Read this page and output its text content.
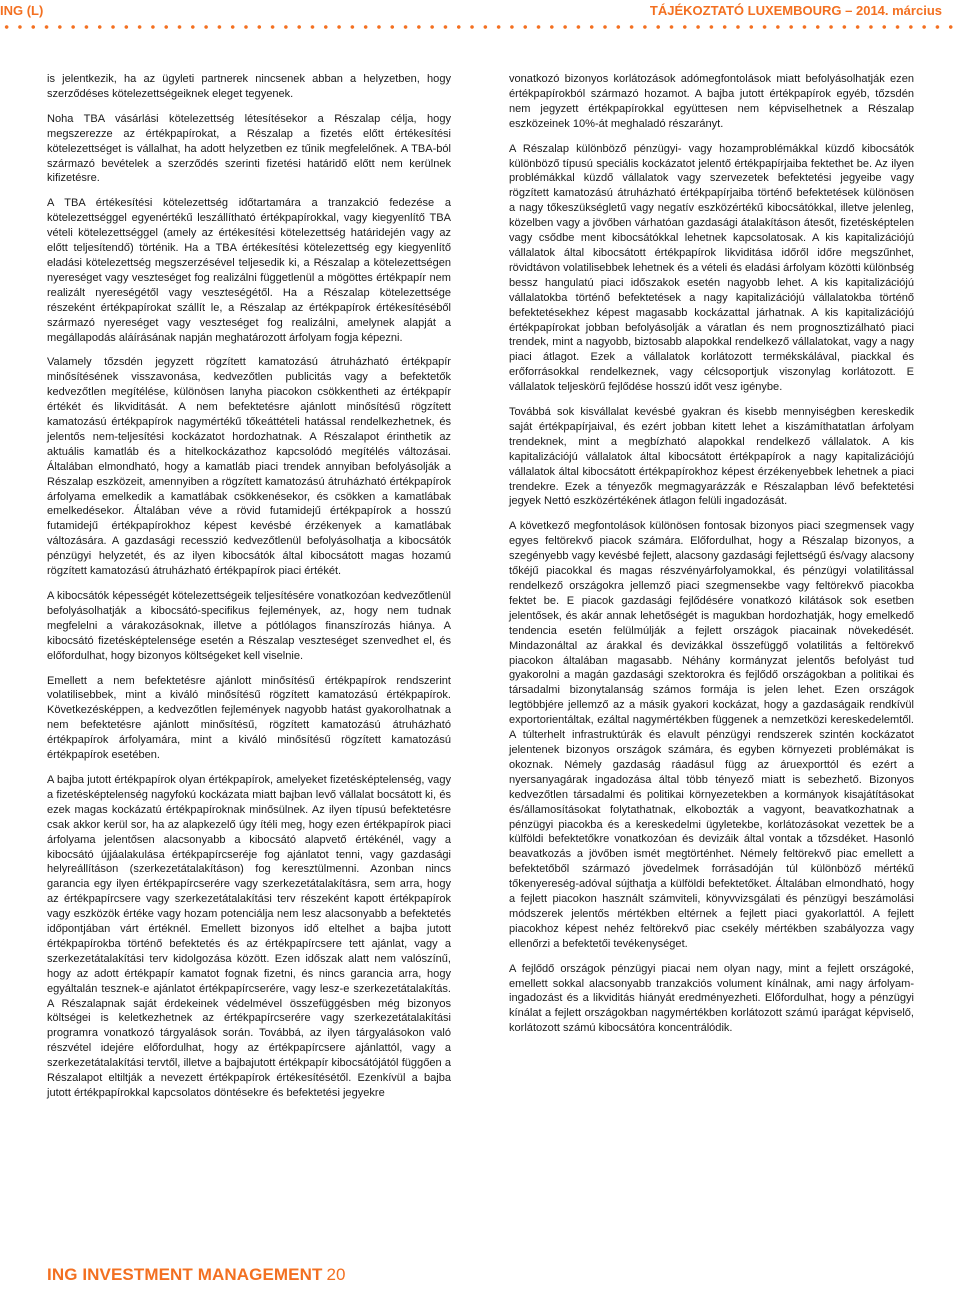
ING (L)	TÁJÉKOZTATÓ LUXEMBOURG – 2014. március

is jelentkezik, ha az ügyleti partnerek nincsenek abban a helyzetben, hogy szerződéses kötelezettségeiknek eleget tegyenek.

Noha TBA vásárlási kötelezettség létesítésekor a Részalap célja, hogy megszerezze az értékpapírokat, a Részalap a fizetés előtt értékesítési kötelezettséget is vállalhat, ha adott helyzetben ez tűnik megfelelőnek. A TBA-ból származó bevételek a szerződés szerinti fizetési határidő előtt nem kerülnek kifizetésre.

A TBA értékesítési kötelezettség időtartamára a tranzakció fedezése a kötelezettséggel egyenértékű leszállítható értékpapírokkal, vagy kiegyenlítő TBA vételi kötelezettséggel (amely az értékesítési kötelezettség határidején vagy az előtt teljesítendő) történik. Ha a TBA értékesítési kötelezettség egy kiegyenlítő eladási kötelezettség megszerzésével teljesedik ki, a Részalap a kötelezettségen nyereséget vagy veszteséget fog realizálni függetlenül a mögöttes értékpapír nem realizált nyereségétől vagy veszteségétől. Ha a Részalap kötelezettsége részeként értékpapírokat szállít le, a Részalap az értékpapírok értékesítéséből származó nyereséget vagy veszteséget fog realizálni, amelynek alapját a megállapodás aláírásának napján meghatározott árfolyam fogja képezni.

Valamely tőzsdén jegyzett rögzített kamatozású átruházható értékpapír minősítésének visszavonása, kedvezőtlen publicitás vagy a befektetők kedvezőtlen megítélése, különösen lanyha piacokon csökkentheti az értékpapír értékét és likviditását. A nem befektetésre ajánlott minősítésű rögzített kamatozású értékpapírok nagymértékű tőkeáttételi hatással rendelkezhetnek, és jelentős nem-teljesítési kockázatot hordozhatnak. A Részalapot érinthetik az aktuális kamatláb és a hitelkockázathoz kapcsolódó megítélés változásai. Általában elmondható, hogy a kamatláb piaci trendek annyiban befolyásolják a Részalap eszközeit, amennyiben a rögzített kamatozású átruházható értékpapírok árfolyama emelkedik a kamatlábak csökkenésekor, és csökken a kamatlábak emelkedésekor. Általában véve a rövid futamidejű értékpapírok a hosszú futamidejű értékpapírokhoz képest kevésbé érzékenyek a kamatlábak változására. A gazdasági recesszió kedvezőtlenül befolyásolhatja a kibocsátók pénzügyi helyzetét, és az ilyen kibocsátók által kibocsátott magas hozamú rögzített kamatozású átruházható értékpapírok piaci értékét.

A kibocsátók képességét kötelezettségeik teljesítésére vonatkozóan kedvezőtlenül befolyásolhatják a kibocsátó-specifikus fejlemények, az, hogy nem tudnak megfelelni a várakozásoknak, illetve a pótlólagos finanszírozás hiánya. A kibocsátó fizetésképtelensége esetén a Részalap veszteséget szenvedhet el, és előfordulhat, hogy bizonyos költségeket kell viselnie.

Emellett a nem befektetésre ajánlott minősítésű értékpapírok rendszerint volatilisebbek, mint a kiváló minősítésű rögzített kamatozású értékpapírok. Következésképpen, a kedvezőtlen fejlemények nagyobb hatást gyakorolhatnak a nem befektetésre ajánlott minősítésű, rögzített kamatozású átruházható értékpapírok árfolyamára, mint a kiváló minősítésű rögzített kamatozású értékpapírok esetében.

A bajba jutott értékpapírok olyan értékpapírok, amelyeket fizetésképtelenség, vagy a fizetésképtelenség nagyfokú kockázata miatt bajban levő vállalat bocsátott ki, és ezek magas kockázatú értékpapíroknak minősülnek. Az ilyen típusú befektetésre csak akkor kerül sor, ha az alapkezelő úgy ítéli meg, hogy ezen értékpapírok piaci árfolyama jelentősen alacsonyabb a kibocsátó alapvető értékénél, vagy a kibocsátó újjáalakulása értékpapírcseréje fog ajánlatot tenni, vagy gazdasági helyreállításon (szerkezetátalakításon) fog keresztülmenni. Azonban nincs garancia egy ilyen értékpapírcserére vagy szerkezetátalakításra, sem arra, hogy az értékpapírcsere vagy szerkezetátalakítási terv részeként kapott értékpapírok vagy eszközök értéke vagy hozam potenciálja nem lesz alacsonyabb a befektetés időpontjában várt értéknél. Emellett bizonyos idő eltelhet a bajba jutott értékpapírokba történő befektetés és az értékpapírcsere tett ajánlat, vagy a szerkezetátalakítási terv kidolgozása között. Ezen időszak alatt nem valószínű, hogy az adott értékpapír kamatot fognak fizetni, és nincs garancia arra, hogy egyáltalán tesznek-e ajánlatot értékpapírcserére, vagy lesz-e szerkezetátalakítás. A Részalapnak saját érdekeinek védelmével összefüggésben még bizonyos költségei is keletkezhetnek az értékpapírcserére vagy szerkezetátalakítási programra vonatkozó tárgyalások során. Továbbá, az ilyen tárgyalásokon való részvétel idejére előfordulhat, hogy az értékpapírcsere ajánlattól, vagy a szerkezetátalakítási tervtől, illetve a bajbajutott értékpapír kibocsátójától függően a Részalapot eltiltják a nevezett értékpapírok értékesítésétől. Ezenkívül a bajba jutott értékpapírokkal kapcsolatos döntésekre és befektetési jegyekre

vonatkozó bizonyos korlátozások adómegfontolások miatt befolyásolhatják ezen értékpapírokból származó hozamot. A bajba jutott értékpapírok egyéb, tőzsdén nem jegyzett értékpapírokkal együttesen nem képviselhetnek a Részalap eszközeinek 10%-át meghaladó részarányt.

A Részalap különböző pénzügyi- vagy hozamproblémákkal küzdő kibocsátók különböző típusú speciális kockázatot jelentő értékpapírjaiba fektethet be. Az ilyen problémákkal küzdő vállalatok vagy szervezetek befektetési jegyeibe vagy rögzített kamatozású átruházható értékpapírjaiba történő befektetések különösen a nagy tőkeszükségletű vagy negatív eszközértékű kibocsátókkal, illetve jelenleg, közelben vagy a jövőben várhatóan gazdasági átalakításon átesőt, fizetésképtelen vagy csődbe ment kibocsátókkal lehetnek kapcsolatosak. A kis kapitalizációjú vállalatok által kibocsátott értékpapírok likviditása időről időre megszűnhet, rövidtávon volatilisebbek lehetnek és a vételi és eladási árfolyam közötti különbség bessz hangulatú piaci időszakok esetén nagyobb lehet. A kis kapitalizációjú vállalatokba történő befektetések a nagy kapitalizációjú vállalatokba történő befektetésekhez képest magasabb kockázattal járhatnak. A kis kapitalizációjú értékpapírokat jobban befolyásolják a váratlan és nem prognosztizálható piaci trendek, mint a nagyobb, biztosabb alapokkal rendelkező vállalatokat, vagy a nagy piaci átlagot. Ezek a vállalatok korlátozott termékskálával, piackkal és erőforrásokkal rendelkeznek, vagy célcsoportjuk viszonylag korlátozott. E vállalatok teljeskörű fejlődése hosszú időt vesz igénybe.

Továbbá sok kisvállalat kevésbé gyakran és kisebb mennyiségben kereskedik saját értékpapírjaival, és ezért jobban kitett lehet a kiszámíthatatlan árfolyam trendeknek, mint a megbízható alapokkal rendelkező vállalatok. A kis kapitalizációjú vállalatok által kibocsátott értékpapírok a nagy kapitalizációjú vállalatok által kibocsátott értékpapírokhoz képest érzékenyebbek lehetnek a piaci trendekre. Ezek a tényezők megmagyarázzák e Részalapban lévő befektetési jegyek Nettó eszközértékének átlagon felüli ingadozását.

A következő megfontolások különösen fontosak bizonyos piaci szegmensek vagy egyes feltörekvő piacok számára. Előfordulhat, hogy a Részalap bizonyos, a szegényebb vagy kevésbé fejlett, alacsony gazdasági fejlettségű és/vagy alacsony tőkéjű piacokkal és magas részvényárfolyamokkal, és pénzügyi volatilitással rendelkező országokra jellemző piaci szegmensekbe vagy feltörekvő piacokba fektet be. E piacok gazdasági fejlődésére vonatkozó kilátások sok esetben jelentősek, és akár annak lehetőségét is magukban hordozhatják, hogy emelkedő tendencia esetén felülmúlják a fejlett országok piacainak növekedését. Mindazonáltal az árakkal és devizákkal összefüggő volatilitás a feltörekvő piacokon általában magasabb. Néhány kormányzat jelentős befolyást tud gyakorolni a magán gazdasági szektorokra és fejlődő országokban a politikai és társadalmi bizonytalanság számos formája is jelen lehet. Ezen országok legtöbbjére jellemző az a másik gyakori kockázat, hogy a gazdaságaik rendkívül exportorientáltak, ezáltal nagymértékben függenek a nemzetközi kereskedelemtől. A túlterhelt infrastruktúrák és elavult pénzügyi rendszerek szintén kockázatot jelentenek bizonyos országok számára, és egyben környezeti problémákat is okoznak. Némely gazdaság ráadásul függ az áruexporttól és ezért a nyersanyagárak ingadozása által több tényező miatt is sebezhető. Bizonyos kedvezőtlen társadalmi és politikai környezetekben a kormányok kisajátításokat és/államosításokat folytathatnak, elkobozták a vagyont, beavatkozhatnak a pénzügyi piacokba és a kereskedelmi ügyletekbe, korlátozásokat vezettek be a külföldi befektetőkre vonatkozóan és devizáik által vontak a tőzsdéket. Hasonló beavatkozás a jövőben ismét megtörténhet. Némely feltörekvő piac emellett a befektetőből származó jövedelmek forrásadóján túl különböző mértékű tőkenyereség-adóval sújthatja a külföldi befektetőket. Általában elmondható, hogy a fejlett piacokon használt számviteli, könyvvizsgálati és pénzügyi beszámolási módszerek jelentős mértékben eltérnek a fejlett piaci gyakorlattól. A fejlett piacokhoz képest nehéz feltörekvő piac csekély mértékben szabályozza vagy ellenőrzi a befektetői tevékenységet.

A fejlődő országok pénzügyi piacai nem olyan nagy, mint a fejlett országoké, emellett sokkal alacsonyabb tranzakciós volument kínálnak, ami nagy árfolyam-ingadozást és a likviditás hiányát eredményezheti. Előfordulhat, hogy a pénzügyi kínálat a fejlett országokban nagymértékben korlátozott számú iparágat képviselő, korlátozott számú kibocsátóra koncentrálódik.

ING INVESTMENT MANAGEMENT 20
